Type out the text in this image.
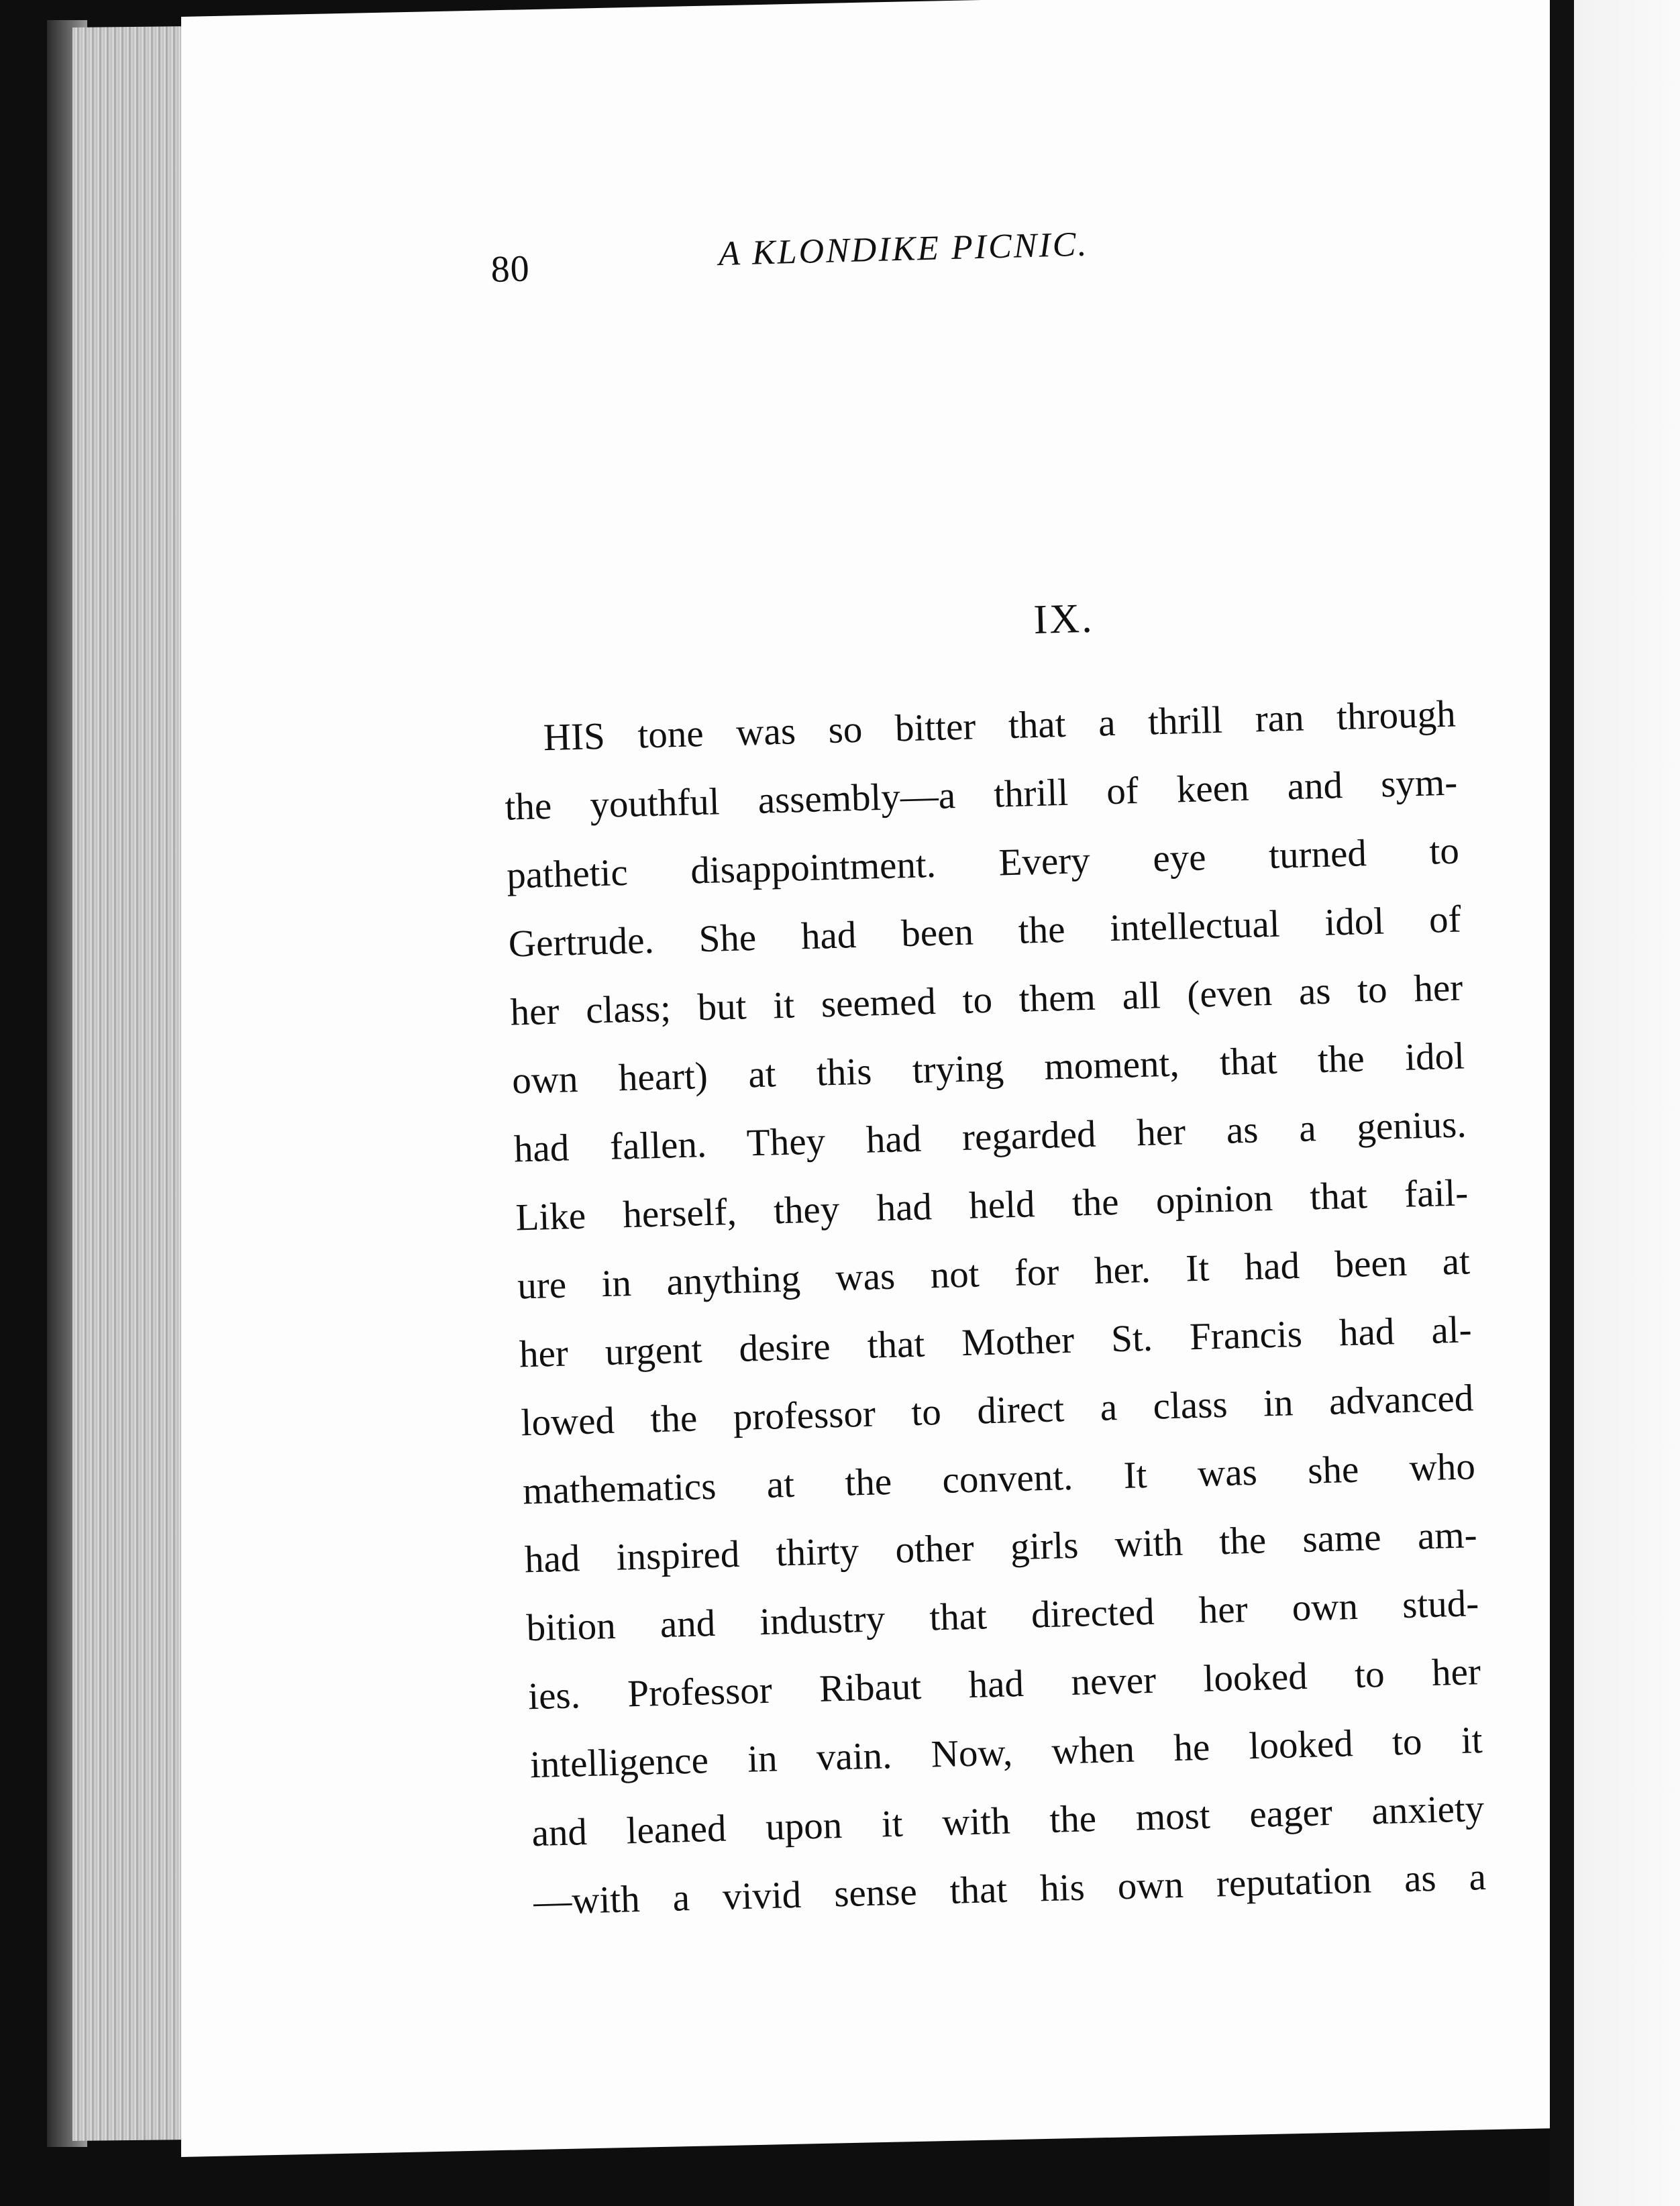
80	A KLONDIKE PICNIC.
IX.
HIS tone was so bitter that a thrill ran through
the youthful assembly—a thrill of keen and sym-
pathetic disappointment. Every eye turned to
Gertrude. She had been the intellectual idol of
her class; but it seemed to them all (even as to her
own heart) at this trying moment, that the idol
had fallen. They had regarded her as a genius.
Like herself, they had held the opinion that fail-
ure in anything was not for her. It had been at
her urgent desire that Mother St. Francis had al-
lowed the professor to direct a class in advanced
mathematics at the convent. It was she who
had inspired thirty other girls with the same am-
bition and industry that directed her own stud-
ies. Professor Ribaut had never looked to her
intelligence in vain. Now, when he looked to it
and leaned upon it with the most eager anxiety
—with a vivid sense that his own reputation as a
